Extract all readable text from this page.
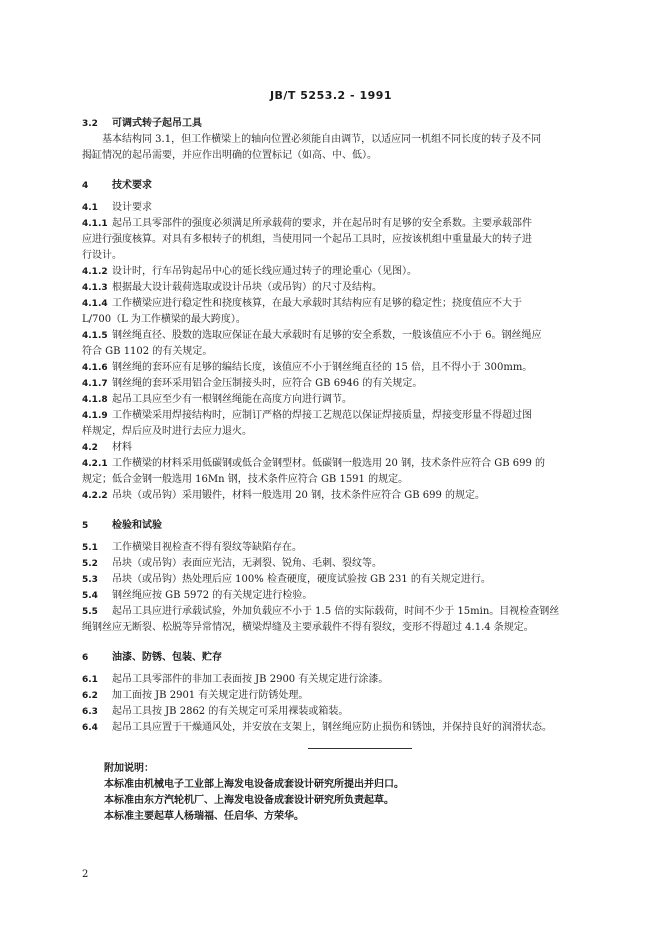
JB/T 5253.2 - 1991
3.2 可调式转子起吊工具
基本结构同 3.1，但工作横梁上的轴向位置必须能自由调节，以适应同一机组不同长度的转子及不同
揭缸情况的起吊需要，并应作出明确的位置标记（如高、中、低）。
4 技术要求
4.1 设计要求
4.1.1 起吊工具零部件的强度必须满足所承载荷的要求，并在起吊时有足够的安全系数。主要承载部件
应进行强度核算。对具有多根转子的机组，当使用同一个起吊工具时，应按该机组中重量最大的转子进
行设计。
4.1.2 设计时，行车吊钩起吊中心的延长线应通过转子的理论重心（见图）。
4.1.3 根据最大设计载荷选取或设计吊块（或吊钩）的尺寸及结构。
4.1.4 工作横梁应进行稳定性和挠度核算，在最大承载时其结构应有足够的稳定性；挠度值应不大于
L/700（L 为工作横梁的最大跨度）。
4.1.5 钢丝绳直径、股数的选取应保证在最大承载时有足够的安全系数，一般该值应不小于 6。钢丝绳应
符合 GB 1102 的有关规定。
4.1.6 钢丝绳的套环应有足够的编结长度，该值应不小于钢丝绳直径的 15 倍，且不得小于 300mm。
4.1.7 钢丝绳的套环采用铝合金压制接头时，应符合 GB 6946 的有关规定。
4.1.8 起吊工具应至少有一根钢丝绳能在高度方向进行调节。
4.1.9 工作横梁采用焊接结构时，应制订严格的焊接工艺规范以保证焊接质量，焊接变形量不得超过图
样规定，焊后应及时进行去应力退火。
4.2 材料
4.2.1 工作横梁的材料采用低碳钢或低合金钢型材。低碳钢一般选用 20 钢，技术条件应符合 GB 699 的
规定；低合金钢一般选用 16Mn 钢，技术条件应符合 GB 1591 的规定。
4.2.2 吊块（或吊钩）采用锻件，材料一般选用 20 钢，技术条件应符合 GB 699 的规定。
5 检验和试验
5.1 工作横梁目视检查不得有裂纹等缺陷存在。
5.2 吊块（或吊钩）表面应光洁，无剥裂、锐角、毛刺、裂纹等。
5.3 吊块（或吊钩）热处理后应 100% 检查硬度，硬度试验按 GB 231 的有关规定进行。
5.4 钢丝绳应按 GB 5972 的有关规定进行检验。
5.5 起吊工具应进行承载试验，外加负载应不小于 1.5 倍的实际载荷，时间不少于 15min。目视检查钢丝
绳钢丝应无断裂、松脱等异常情况，横梁焊缝及主要承载件不得有裂纹，变形不得超过 4.1.4 条规定。
6 油漆、防锈、包装、贮存
6.1 起吊工具零部件的非加工表面按 JB 2900 有关规定进行涂漆。
6.2 加工面按 JB 2901 有关规定进行防锈处理。
6.3 起吊工具按 JB 2862 的有关规定可采用裸装或箱装。
6.4 起吊工具应置于干燥通风处，并安放在支架上，钢丝绳应防止损伤和锈蚀，并保持良好的润滑状态。
附加说明：
本标准由机械电子工业部上海发电设备成套设计研究所提出并归口。
本标准由东方汽轮机厂、上海发电设备成套设计研究所负责起草。
本标准主要起草人杨瑞福、任启华、方荣华。
2
